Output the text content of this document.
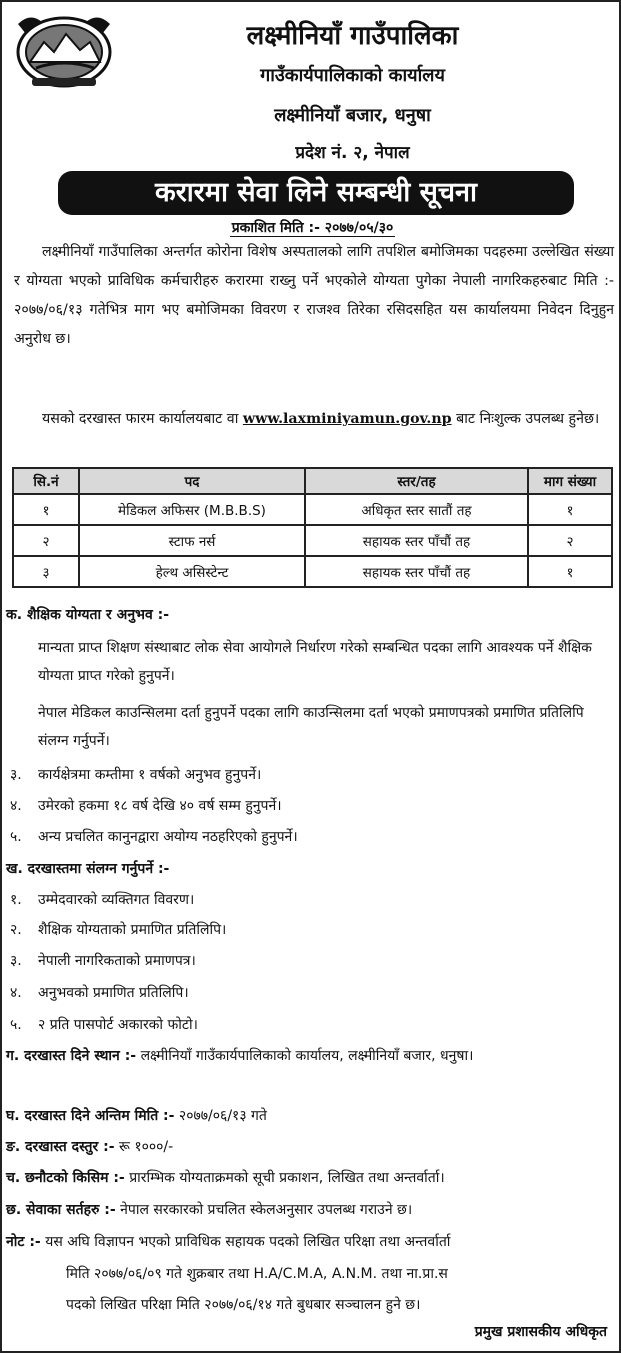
लक्ष्मीनियाँ गाउँपालिका
गाउँकार्यपालिकाको कार्यालय
लक्ष्मीनियाँ बजार, धनुषा
प्रदेश नं. २, नेपाल
करारमा सेवा लिने सम्बन्धी सूचना
प्रकाशित मिति :- २०७७/०५/३०
लक्ष्मीनियाँ गाउँपालिका अन्तर्गत कोरोना विशेष अस्पतालको लागि तपशिल बमोजिमका पदहरुमा उल्लेखित संख्या र योग्यता भएको प्राविधिक कर्मचारीहरु करारमा राख्नु पर्ने भएकोले योग्यता पुगेका नेपाली नागरिकहरुबाट मिति :- २०७७/०६/१३ गतेभित्र माग भए बमोजिमका विवरण र राजश्व तिरेका रसिदसहित यस कार्यालयमा निवेदन दिनुहुन अनुरोध छ।
यसको दरखास्त फारम कार्यालयबाट वा www.laxminiyamun.gov.np बाट निःशुल्क उपलब्ध हुनेछ।
सि.नं	पद	स्तर/तह	माग संख्या
१	मेडिकल अफिसर (M.B.B.S)	अधिकृत स्तर सातौं तह	१
२	स्टाफ नर्स	सहायक स्तर पाँचौं तह	२
३	हेल्थ असिस्टेन्ट	सहायक स्तर पाँचौं तह	१
क. शैक्षिक योग्यता र अनुभव :-
मान्यता प्राप्त शिक्षण संस्थाबाट लोक सेवा आयोगले निर्धारण गरेको सम्बन्धित पदका लागि आवश्यक पर्ने शैक्षिक योग्यता प्राप्त गरेको हुनुपर्ने।
नेपाल मेडिकल काउन्सिलमा दर्ता हुनुपर्ने पदका लागि काउन्सिलमा दर्ता भएको प्रमाणपत्रको प्रमाणित प्रतिलिपि संलग्न गर्नुपर्ने।
३. कार्यक्षेत्रमा कम्तीमा १ वर्षको अनुभव हुनुपर्ने।
४. उमेरको हकमा १८ वर्ष देखि ४० वर्ष सम्म हुनुपर्ने।
५. अन्य प्रचलित कानुनद्वारा अयोग्य नठहरिएको हुनुपर्ने।
ख. दरखास्तमा संलग्न गर्नुपर्ने :-
१. उम्मेदवारको व्यक्तिगत विवरण।
२. शैक्षिक योग्यताको प्रमाणित प्रतिलिपि।
३. नेपाली नागरिकताको प्रमाणपत्र।
४. अनुभवको प्रमाणित प्रतिलिपि।
५. २ प्रति पासपोर्ट अकारको फोटो।
ग. दरखास्त दिने स्थान :- लक्ष्मीनियाँ गाउँकार्यपालिकाको कार्यालय, लक्ष्मीनियाँ बजार, धनुषा।
घ. दरखास्त दिने अन्तिम मिति :- २०७७/०६/१३ गते
ङ. दरखास्त दस्तुर :- रू १०००/-
च. छनौटको किसिम :- प्रारम्भिक योग्यताक्रमको सूची प्रकाशन, लिखित तथा अन्तर्वार्ता।
छ. सेवाका सर्तहरु :- नेपाल सरकारको प्रचलित स्केलअनुसार उपलब्ध गराउने छ।
नोट :- यस अघि विज्ञापन भएको प्राविधिक सहायक पदको लिखित परिक्षा तथा अन्तर्वार्ता
मिति २०७७/०६/०९ गते शुक्रबार तथा H.A/C.M.A, A.N.M. तथा ना.प्रा.स
पदको लिखित परिक्षा मिति २०७७/०६/१४ गते बुधबार सञ्चालन हुने छ।
प्रमुख प्रशासकीय अधिकृत
